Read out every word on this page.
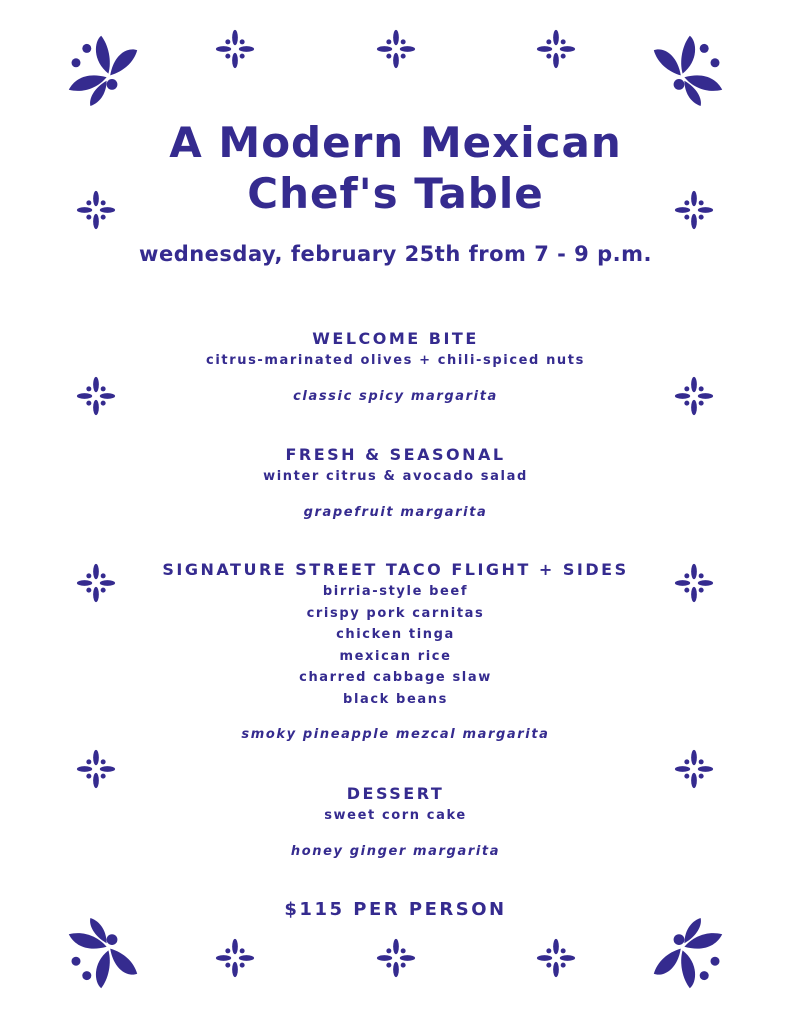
A Modern Mexican
Chef's Table
wednesday, february 25th from 7 - 9 p.m.
WELCOME BITE
citrus-marinated olives + chili-spiced nuts
classic spicy margarita
FRESH & SEASONAL
winter citrus & avocado salad
grapefruit margarita
SIGNATURE STREET TACO FLIGHT + SIDES
birria-style beef
crispy pork carnitas
chicken tinga
mexican rice
charred cabbage slaw
black beans
smoky pineapple mezcal margarita
DESSERT
sweet corn cake
honey ginger margarita
$115 PER PERSON
